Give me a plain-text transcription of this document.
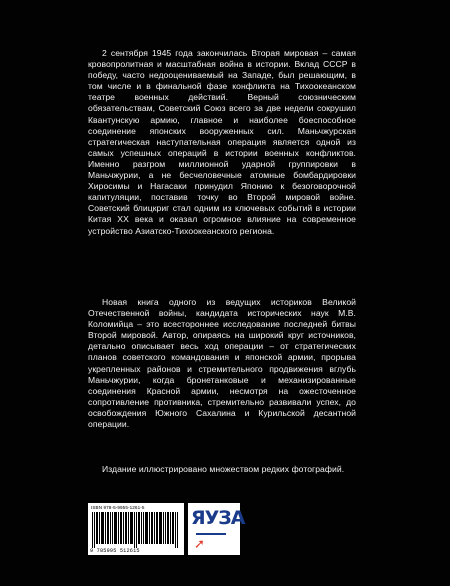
2 сентября 1945 года закончилась Вторая мировая – самая кровопролитная и масштабная война в истории. Вклад СССР в победу, часто недооцениваемый на Западе, был решающим, в том числе и в финальной фазе конфликта на Тихоокеанском театре военных действий. Верный союзническим обязательствам, Советский Союз всего за две недели сокрушил Квантунскую армию, главное и наиболее боеспособное соединение японских вооруженных сил. Маньчжурская стратегическая наступательная операция является одной из самых успешных операций в истории военных конфликтов. Именно разгром миллионной ударной группировки в Маньчжурии, а не бесчеловечные атомные бомбардировки Хиросимы и Нагасаки принудил Японию к безоговорочной капитуляции, поставив точку во Второй мировой войне. Советский блицкриг стал одним из ключевых событий в истории Китая XX века и оказал огромное влияние на современное устройство Азиатско-Тихоокеанского региона.

Новая книга одного из ведущих историков Великой Отечественной войны, кандидата исторических наук М.В. Коломийца – это всестороннее исследование последней битвы Второй мировой. Автор, опираясь на широкий круг источников, детально описывает весь ход операции – от стратегических планов советского командования и японской армии, прорыва укрепленных районов и стремительного продвижения вглубь Маньчжурии, когда бронетанковые и механизированные соединения Красной армии, несмотря на ожесточенное сопротивление противника, стремительно развивали успех, до освобождения Южного Сахалина и Курильской десантной операции.

Издание иллюстрировано множеством редких фотографий.

ISBN 978-5-9955-1261-5
9 785995 512615
ЯУЗА
➚
